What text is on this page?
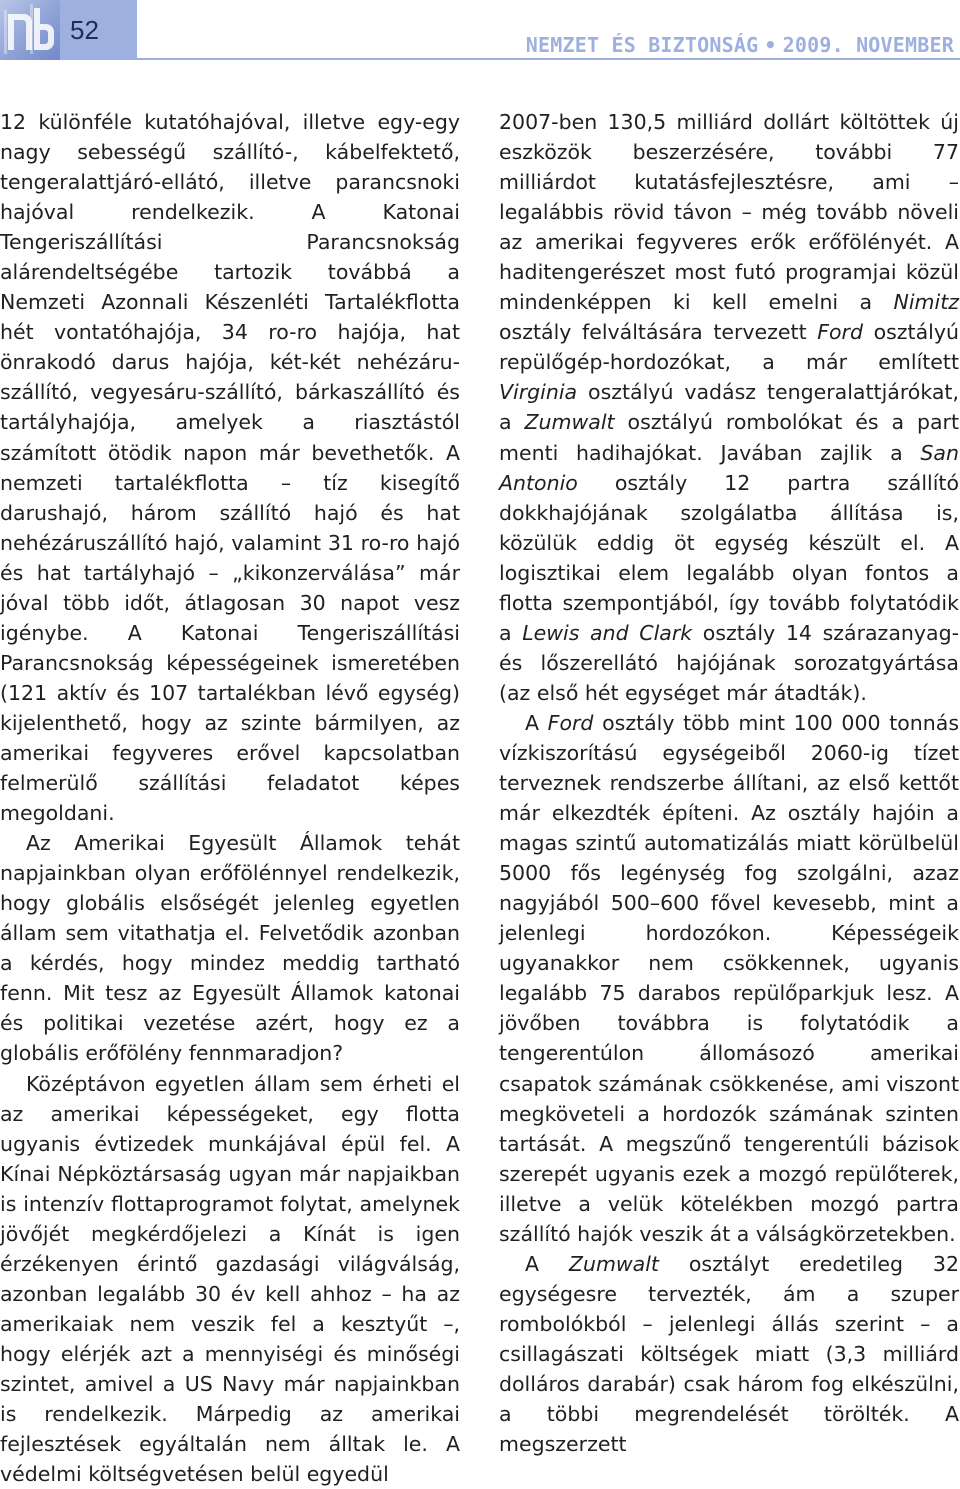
52
NEMZET ÉS BIZTONSÁG • 2009. NOVEMBER

12 különféle kutatóhajóval, illetve egy-egy nagy sebességű szállító-, kábelfektető, tengeralattjáró-ellátó, illetve parancsnoki hajóval rendelkezik. A Katonai Tengeriszállítási Parancsnokság alárendeltségébe tartozik továbbá a Nemzeti Azonnali Készenléti Tartalékflotta hét vontatóhajója, 34 ro-ro hajója, hat önrakodó darus hajója, két-két nehézáru-szállító, vegyesáru-szállító, bárkaszállító és tartályhajója, amelyek a riasztástól számított ötödik napon már bevethetők. A nemzeti tartalékflotta – tíz kisegítő darushajó, három szállító hajó és hat nehézáruszállító hajó, valamint 31 ro-ro hajó és hat tartályhajó – „kikonzerválása” már jóval több időt, átlagosan 30 napot vesz igénybe. A Katonai Tengeriszállítási Parancsnokság képességeinek ismeretében (121 aktív és 107 tartalékban lévő egység) kijelenthető, hogy az szinte bármilyen, az amerikai fegyveres erővel kapcsolatban felmerülő szállítási feladatot képes megoldani.

Az Amerikai Egyesült Államok tehát napjainkban olyan erőfölénnyel rendelkezik, hogy globális elsőségét jelenleg egyetlen állam sem vitathatja el. Felvetődik azonban a kérdés, hogy mindez meddig tartható fenn. Mit tesz az Egyesült Államok katonai és politikai vezetése azért, hogy ez a globális erőfölény fennmaradjon?

Középtávon egyetlen állam sem érheti el az amerikai képességeket, egy flotta ugyanis évtizedek munkájával épül fel. A Kínai Népköztársaság ugyan már napjaikban is intenzív flottaprogramot folytat, amelynek jövőjét megkérdőjelezi a Kínát is igen érzékenyen érintő gazdasági világválság, azonban legalább 30 év kell ahhoz – ha az amerikaiak nem veszik fel a kesztyűt –, hogy elérjék azt a mennyiségi és minőségi szintet, amivel a US Navy már napjainkban is rendelkezik. Márpedig az amerikai fejlesztések egyáltalán nem álltak le. A védelmi költségvetésen belül egyedül

2007-ben 130,5 milliárd dollárt költöttek új eszközök beszerzésére, további 77 milliárdot kutatásfejlesztésre, ami – legalábbis rövid távon – még tovább növeli az amerikai fegyveres erők erőfölényét. A haditengerészet most futó programjai közül mindenképpen ki kell emelni a Nimitz osztály felváltására tervezett Ford osztályú repülőgép-hordozókat, a már említett Virginia osztályú vadász tengeralattjárókat, a Zumwalt osztályú rombolókat és a part menti hadihajókat. Javában zajlik a San Antonio osztály 12 partra szállító dokkhajójának szolgálatba állítása is, közülük eddig öt egység készült el. A logisztikai elem legalább olyan fontos a flotta szempontjából, így tovább folytatódik a Lewis and Clark osztály 14 szárazanyag- és lőszerellátó hajójának sorozatgyártása (az első hét egységet már átadták).

A Ford osztály több mint 100 000 tonnás vízkiszorítású egységeiből 2060-ig tízet terveznek rendszerbe állítani, az első kettőt már elkezdték építeni. Az osztály hajóin a magas szintű automatizálás miatt körülbelül 5000 fős legénység fog szolgálni, azaz nagyjából 500–600 fővel kevesebb, mint a jelenlegi hordozókon. Képességeik ugyanakkor nem csökkennek, ugyanis legalább 75 darabos repülőparkjuk lesz. A jövőben továbbra is folytatódik a tengerentúlon állomásozó amerikai csapatok számának csökkenése, ami viszont megköveteli a hordozók számának szinten tartását. A megszűnő tengerentúli bázisok szerepét ugyanis ezek a mozgó repülőterek, illetve a velük kötelékben mozgó partra szállító hajók veszik át a válságkörzetekben.

A Zumwalt osztályt eredetileg 32 egységesre tervezték, ám a szuper rombolókból – jelenlegi állás szerint – a csillagászati költségek miatt (3,3 milliárd dolláros darabár) csak három fog elkészülni, a többi megrendelését törölték. A megszerzett
